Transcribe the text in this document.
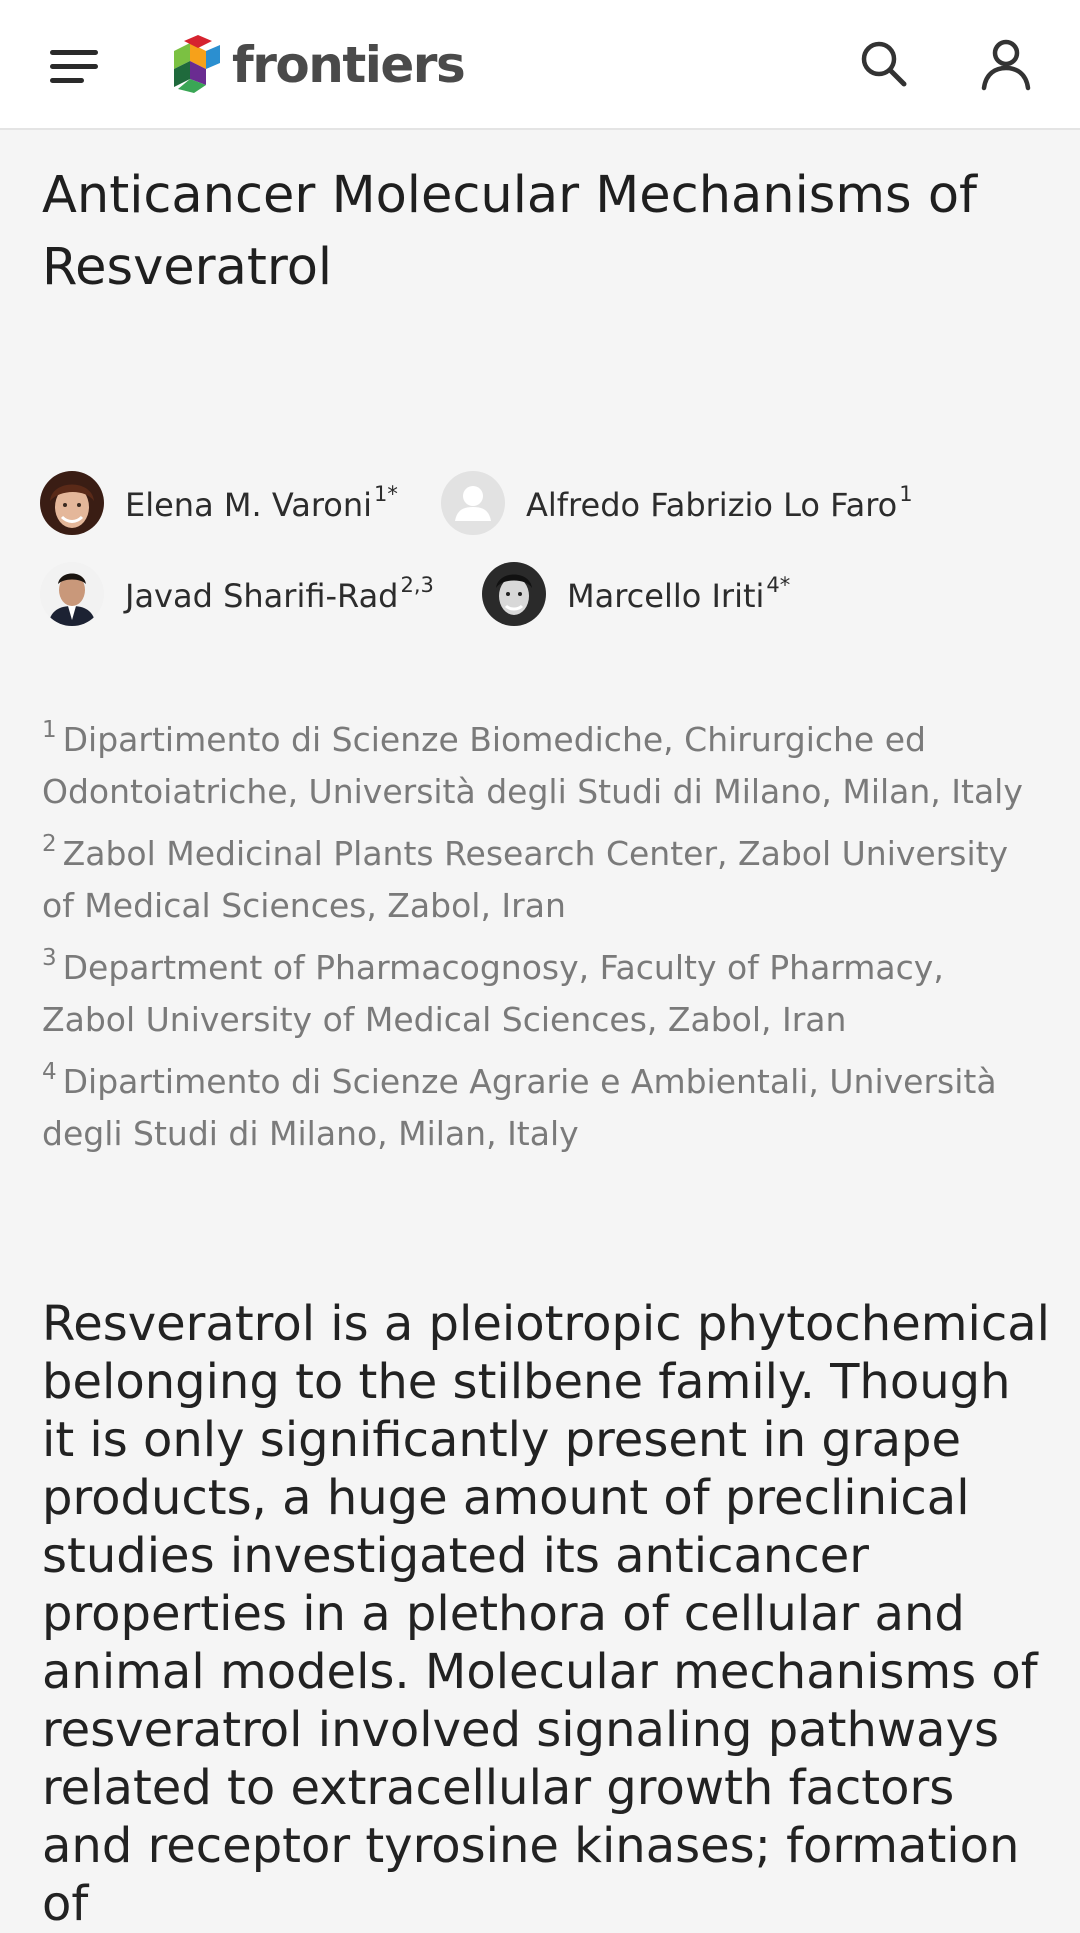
frontiers
Anticancer Molecular Mechanisms of Resveratrol
Elena M. Varoni$^{1*}$	Alfredo Fabrizio Lo Faro$^1$
Javad Sharifi-Rad$^{2,3}$	Marcello Iriti$^{4*}$

$^1$ Dipartimento di Scienze Biomediche, Chirurgiche ed Odontoiatriche, Università degli Studi di Milano, Milan, Italy

$^2$ Zabol Medicinal Plants Research Center, Zabol University of Medical Sciences, Zabol, Iran

$^3$ Department of Pharmacognosy, Faculty of Pharmacy, Zabol University of Medical Sciences, Zabol, Iran

$^4$ Dipartimento di Scienze Agrarie e Ambientali, Università degli Studi di Milano, Milan, Italy

Resveratrol is a pleiotropic phytochemical belonging to the stilbene family. Though it is only significantly present in grape products, a huge amount of preclinical studies investigated its anticancer properties in a plethora of cellular and animal models. Molecular mechanisms of resveratrol involved signaling pathways related to extracellular growth factors and receptor tyrosine kinases; formation of
